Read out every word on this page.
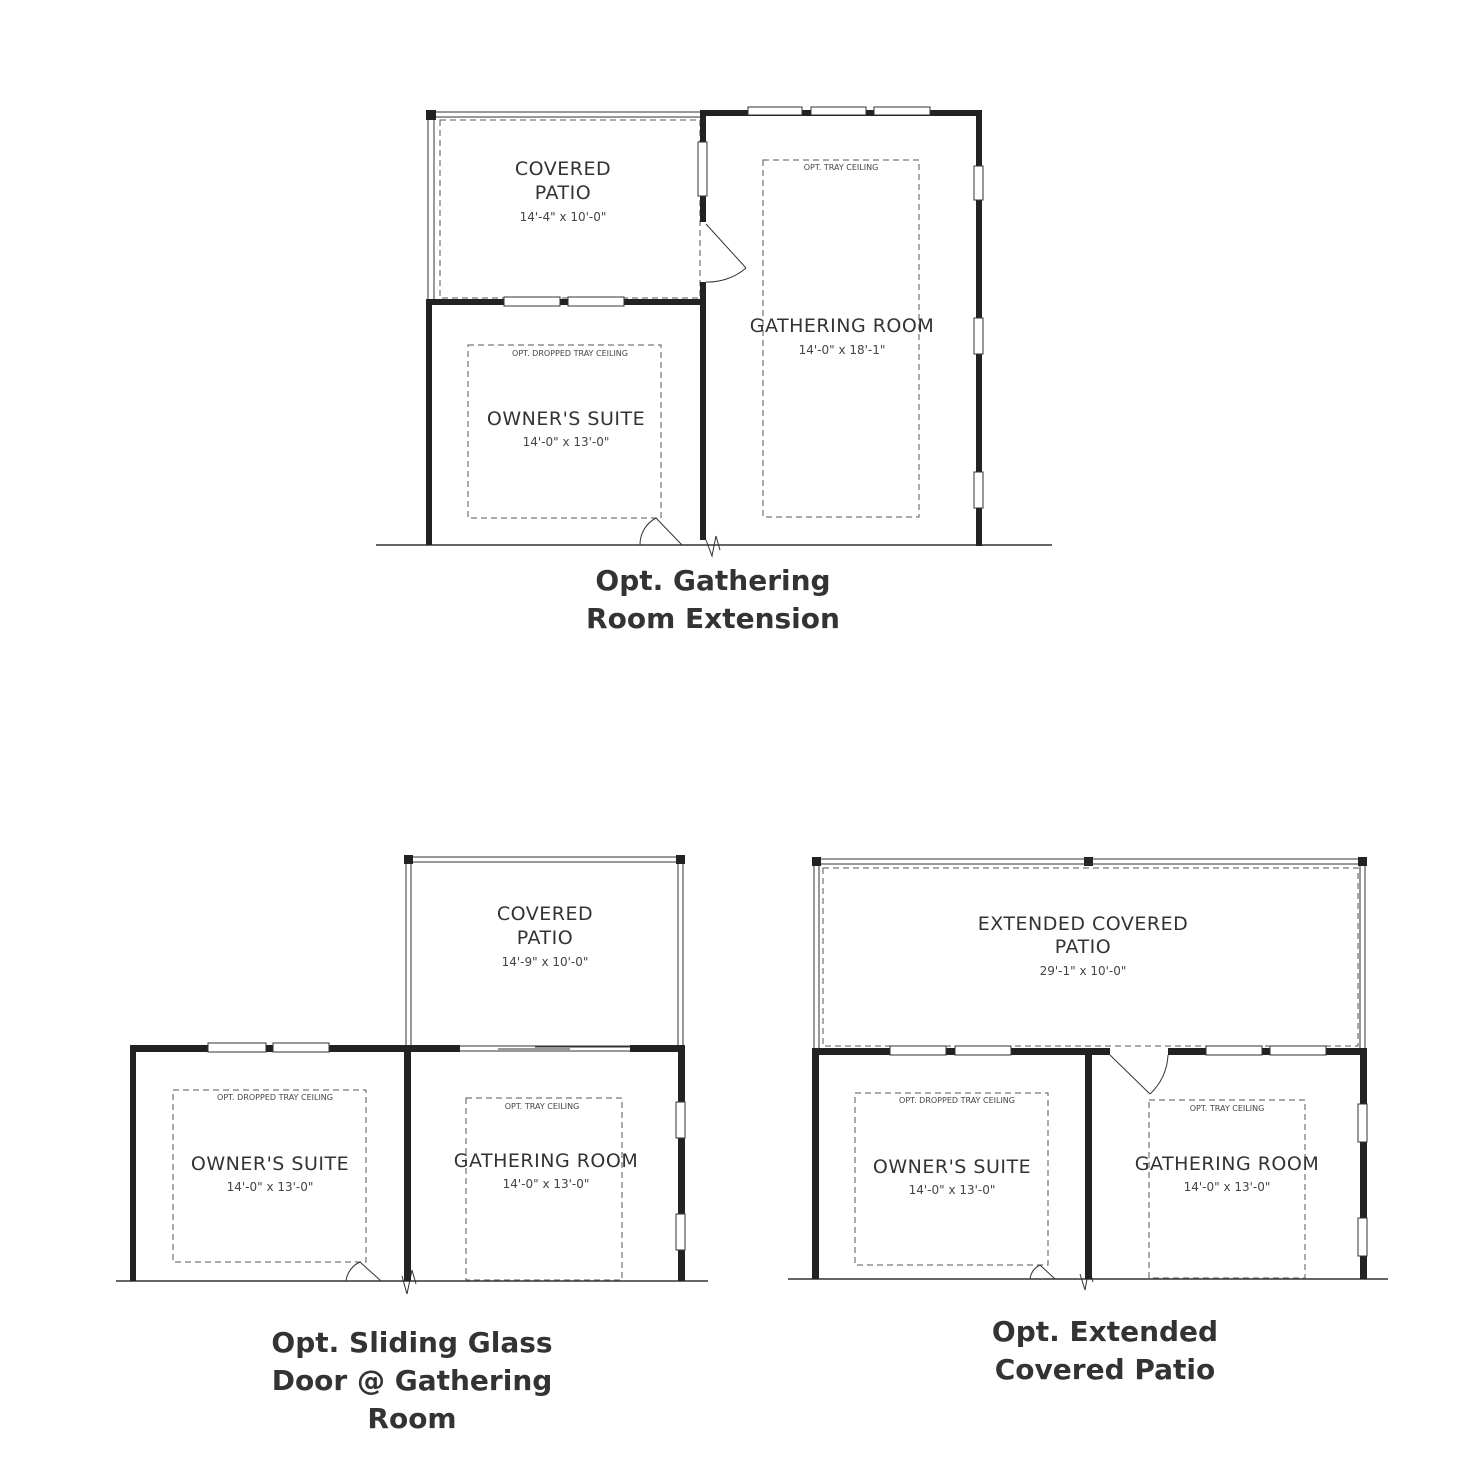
COVERED
PATIO
14'-4" x 10'-0"
OPT. TRAY CEILING
GATHERING ROOM
14'-0" x 18'-1"
OPT. DROPPED TRAY CEILING
OWNER'S SUITE
14'-0" x 13'-0"
Opt. Gathering
Room Extension
COVERED
PATIO
14'-9" x 10'-0"
OPT. DROPPED TRAY CEILING
OWNER'S SUITE
14'-0" x 13'-0"
OPT. TRAY CEILING
GATHERING ROOM
14'-0" x 13'-0"
Opt. Sliding Glass
Door @ Gathering
Room
EXTENDED COVERED
PATIO
29'-1" x 10'-0"
OPT. DROPPED TRAY CEILING
OWNER'S SUITE
14'-0" x 13'-0"
OPT. TRAY CEILING
GATHERING ROOM
14'-0" x 13'-0"
Opt. Extended
Covered Patio
